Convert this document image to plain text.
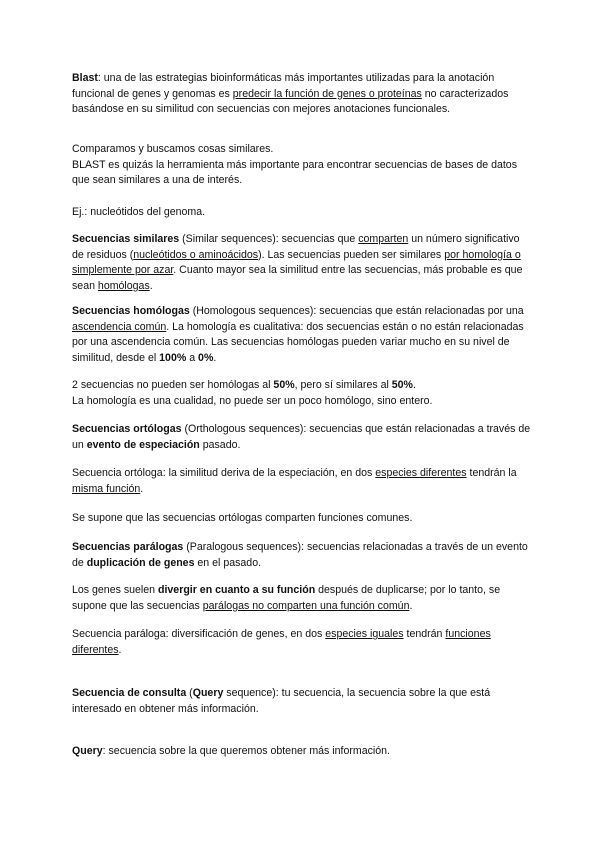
Blast: una de las estrategias bioinformáticas más importantes utilizadas para la anotación funcional de genes y genomas es predecir la función de genes o proteínas no caracterizados basándose en su similitud con secuencias con mejores anotaciones funcionales.

Comparamos y buscamos cosas similares.
BLAST es quizás la herramienta más importante para encontrar secuencias de bases de datos que sean similares a una de interés.

Ej.: nucleótidos del genoma.

Secuencias similares (Similar sequences): secuencias que comparten un número significativo de residuos (nucleótidos o aminoácidos). Las secuencias pueden ser similares por homología o simplemente por azar. Cuanto mayor sea la similitud entre las secuencias, más probable es que sean homólogas.

Secuencias homólogas (Homologous sequences): secuencias que están relacionadas por una ascendencia común. La homología es cualitativa: dos secuencias están o no están relacionadas por una ascendencia común. Las secuencias homólogas pueden variar mucho en su nivel de similitud, desde el 100% a 0%.

2 secuencias no pueden ser homólogas al 50%, pero sí similares al 50%.
La homología es una cualidad, no puede ser un poco homólogo, sino entero.

Secuencias ortólogas (Orthologous sequences): secuencias que están relacionadas a través de un evento de especiación pasado.

Secuencia ortóloga: la similitud deriva de la especiación, en dos especies diferentes tendrán la misma función.

Se supone que las secuencias ortólogas comparten funciones comunes.

Secuencias parálogas (Paralogous sequences): secuencias relacionadas a través de un evento de duplicación de genes en el pasado.

Los genes suelen divergir en cuanto a su función después de duplicarse; por lo tanto, se supone que las secuencias parálogas no comparten una función común.

Secuencia paráloga: diversificación de genes, en dos especies iguales tendrán funciones diferentes.

Secuencia de consulta (Query sequence): tu secuencia, la secuencia sobre la que está interesado en obtener más información.

Query: secuencia sobre la que queremos obtener más información.
